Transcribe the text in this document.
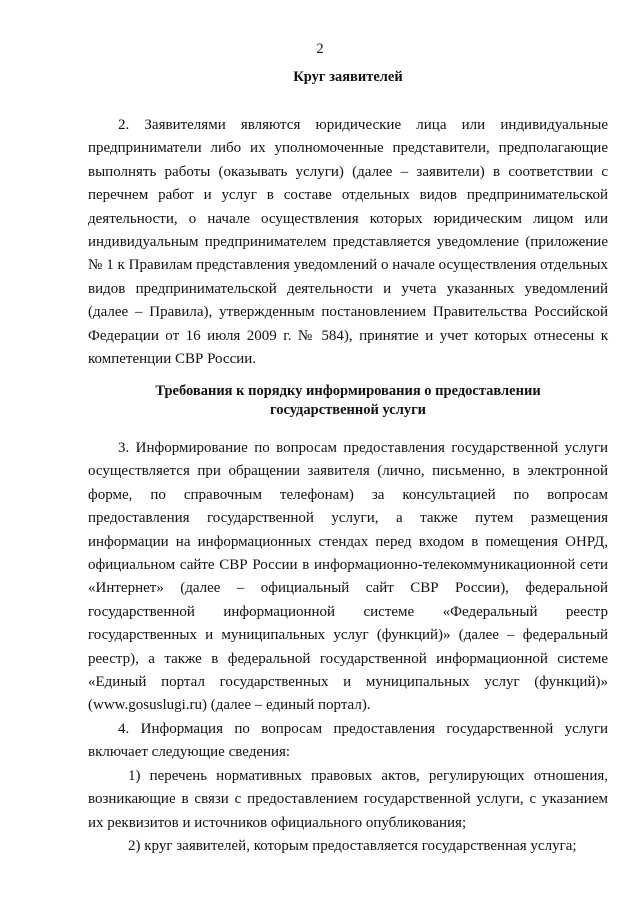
2
Круг заявителей

2. Заявителями являются юридические лица или индивидуальные предприниматели либо их уполномоченные представители, предполагающие выполнять работы (оказывать услуги) (далее – заявители) в соответствии с перечнем работ и услуг в составе отдельных видов предпринимательской деятельности, о начале осуществления которых юридическим лицом или индивидуальным предпринимателем представляется уведомление (приложение № 1 к Правилам представления уведомлений о начале осуществления отдельных видов предпринимательской деятельности и учета указанных уведомлений (далее – Правила), утвержденным постановлением Правительства Российской Федерации от 16 июля 2009 г. № 584), принятие и учет которых отнесены к компетенции СВР России.

Требования к порядку информирования о предоставлении
государственной услуги

3. Информирование по вопросам предоставления государственной услуги осуществляется при обращении заявителя (лично, письменно, в электронной форме, по справочным телефонам) за консультацией по вопросам предоставления государственной услуги, а также путем размещения информации на информационных стендах перед входом в помещения ОНРД, официальном сайте СВР России в информационно-телекоммуникационной сети «Интернет» (далее – официальный сайт СВР России), федеральной государственной информационной системе «Федеральный реестр государственных и муниципальных услуг (функций)» (далее – федеральный реестр), а также в федеральной государственной информационной системе «Единый портал государственных и муниципальных услуг (функций)» (www.gosuslugi.ru) (далее – единый портал).

4. Информация по вопросам предоставления государственной услуги включает следующие сведения:

1) перечень нормативных правовых актов, регулирующих отношения, возникающие в связи с предоставлением государственной услуги, с указанием их реквизитов и источников официального опубликования;

2) круг заявителей, которым предоставляется государственная услуга;
